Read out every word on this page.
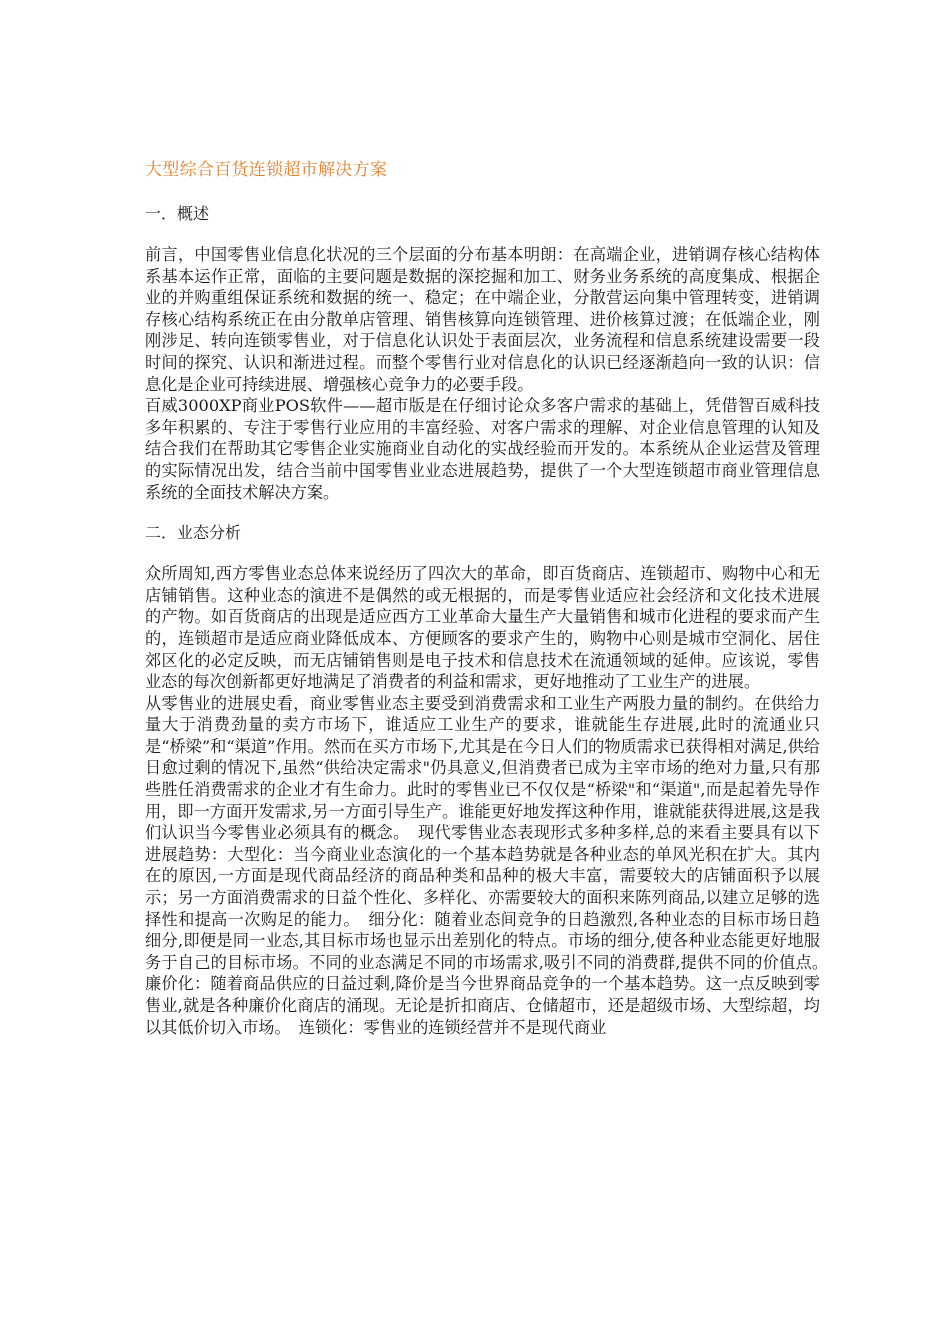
大型综合百货连锁超市解决方案
一．概述

前言，中国零售业信息化状况的三个层面的分布基本明朗：在高端企业，进销调存核心结构体系基本运作正常，面临的主要问题是数据的深挖掘和加工、财务业务系统的高度集成、根据企业的并购重组保证系统和数据的统一、稳定；在中端企业，分散营运向集中管理转变，进销调存核心结构系统正在由分散单店管理、销售核算向连锁管理、进价核算过渡；在低端企业，刚刚涉足、转向连锁零售业，对于信息化认识处于表面层次，业务流程和信息系统建设需要一段时间的探究、认识和渐进过程。而整个零售行业对信息化的认识已经逐渐趋向一致的认识：信息化是企业可持续进展、增强核心竞争力的必要手段。

百威3000XP商业POS软件——超市版是在仔细讨论众多客户需求的基础上，凭借智百威科技多年积累的、专注于零售行业应用的丰富经验、对客户需求的理解、对企业信息管理的认知及结合我们在帮助其它零售企业实施商业自动化的实战经验而开发的。本系统从企业运营及管理的实际情况出发，结合当前中国零售业业态进展趋势，提供了一个大型连锁超市商业管理信息系统的全面技术解决方案。

二．业态分析

众所周知,西方零售业态总体来说经历了四次大的革命，即百货商店、连锁超市、购物中心和无店铺销售。这种业态的演进不是偶然的或无根据的，而是零售业适应社会经济和文化技术进展的产物。如百货商店的出现是适应西方工业革命大量生产大量销售和城市化进程的要求而产生的，连锁超市是适应商业降低成本、方便顾客的要求产生的，购物中心则是城市空洞化、居住郊区化的必定反映，而无店铺销售则是电子技术和信息技术在流通领域的延伸。应该说，零售业态的每次创新都更好地满足了消费者的利益和需求，更好地推动了工业生产的进展。

从零售业的进展史看，商业零售业态主要受到消费需求和工业生产两股力量的制约。在供给力量大于消费劲量的卖方市场下，谁适应工业生产的要求，谁就能生存进展,此时的流通业只是“桥梁”和“渠道”作用。然而在买方市场下,尤其是在今日人们的物质需求已获得相对满足,供给日愈过剩的情况下,虽然“供给决定需求"仍具意义,但消费者已成为主宰市场的绝对力量,只有那些胜任消费需求的企业才有生命力。此时的零售业已不仅仅是“桥梁"和“渠道",而是起着先导作用，即一方面开发需求,另一方面引导生产。谁能更好地发挥这种作用，谁就能获得进展,这是我们认识当今零售业必须具有的概念。　现代零售业态表现形式多种多样,总的来看主要具有以下进展趋势：大型化：当今商业业态演化的一个基本趋势就是各种业态的单风光积在扩大。其内在的原因,一方面是现代商品经济的商品种类和品种的极大丰富，需要较大的店铺面积予以展示；另一方面消费需求的日益个性化、多样化、亦需要较大的面积来陈列商品,以建立足够的选择性和提高一次购足的能力。　细分化：随着业态间竞争的日趋激烈,各种业态的目标市场日趋细分,即便是同一业态,其目标市场也显示出差别化的特点。市场的细分,使各种业态能更好地服务于自己的目标市场。不同的业态满足不同的市场需求,吸引不同的消费群,提供不同的价值点。　廉价化：随着商品供应的日益过剩,降价是当今世界商品竞争的一个基本趋势。这一点反映到零售业,就是各种廉价化商店的涌现。无论是折扣商店、仓储超市，还是超级市场、大型综超，均以其低价切入市场。　连锁化：零售业的连锁经营并不是现代商业
